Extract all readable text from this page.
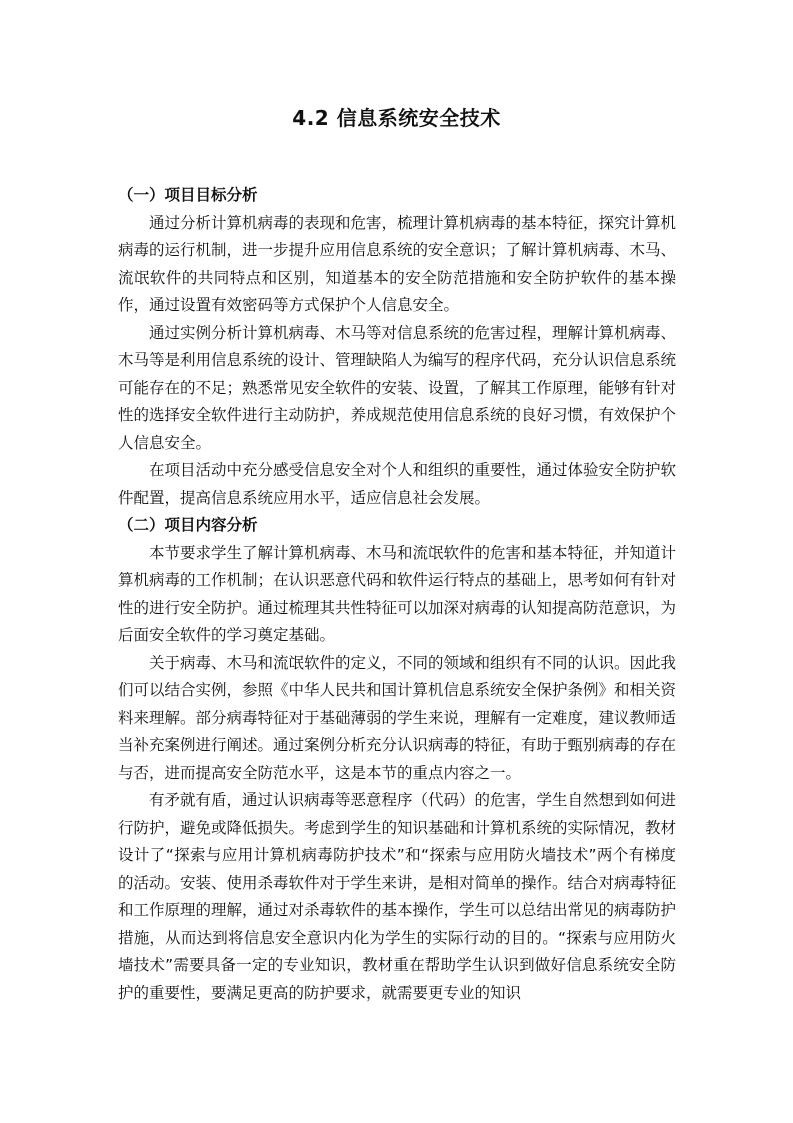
4.2 信息系统安全技术
（一）项目目标分析

通过分析计算机病毒的表现和危害，梳理计算机病毒的基本特征，探究计算机病毒的运行机制，进一步提升应用信息系统的安全意识；了解计算机病毒、木马、流氓软件的共同特点和区别，知道基本的安全防范措施和安全防护软件的基本操作，通过设置有效密码等方式保护个人信息安全。

通过实例分析计算机病毒、木马等对信息系统的危害过程，理解计算机病毒、木马等是利用信息系统的设计、管理缺陷人为编写的程序代码，充分认识信息系统可能存在的不足；熟悉常见安全软件的安装、设置，了解其工作原理，能够有针对性的选择安全软件进行主动防护，养成规范使用信息系统的良好习惯，有效保护个人信息安全。

在项目活动中充分感受信息安全对个人和组织的重要性，通过体验安全防护软件配置，提高信息系统应用水平，适应信息社会发展。

（二）项目内容分析

本节要求学生了解计算机病毒、木马和流氓软件的危害和基本特征，并知道计算机病毒的工作机制；在认识恶意代码和软件运行特点的基础上，思考如何有针对性的进行安全防护。通过梳理其共性特征可以加深对病毒的认知提高防范意识，为后面安全软件的学习奠定基础。

关于病毒、木马和流氓软件的定义，不同的领域和组织有不同的认识。因此我们可以结合实例，参照《中华人民共和国计算机信息系统安全保护条例》和相关资料来理解。部分病毒特征对于基础薄弱的学生来说，理解有一定难度，建议教师适当补充案例进行阐述。通过案例分析充分认识病毒的特征，有助于甄别病毒的存在与否，进而提高安全防范水平，这是本节的重点内容之一。

有矛就有盾，通过认识病毒等恶意程序（代码）的危害，学生自然想到如何进行防护，避免或降低损失。考虑到学生的知识基础和计算机系统的实际情况，教材设计了“探索与应用计算机病毒防护技术”和“探索与应用防火墙技术”两个有梯度的活动。安装、使用杀毒软件对于学生来讲，是相对简单的操作。结合对病毒特征和工作原理的理解，通过对杀毒软件的基本操作，学生可以总结出常见的病毒防护措施，从而达到将信息安全意识内化为学生的实际行动的目的。“探索与应用防火墙技术”需要具备一定的专业知识，教材重在帮助学生认识到做好信息系统安全防护的重要性，要满足更高的防护要求，就需要更专业的知识
